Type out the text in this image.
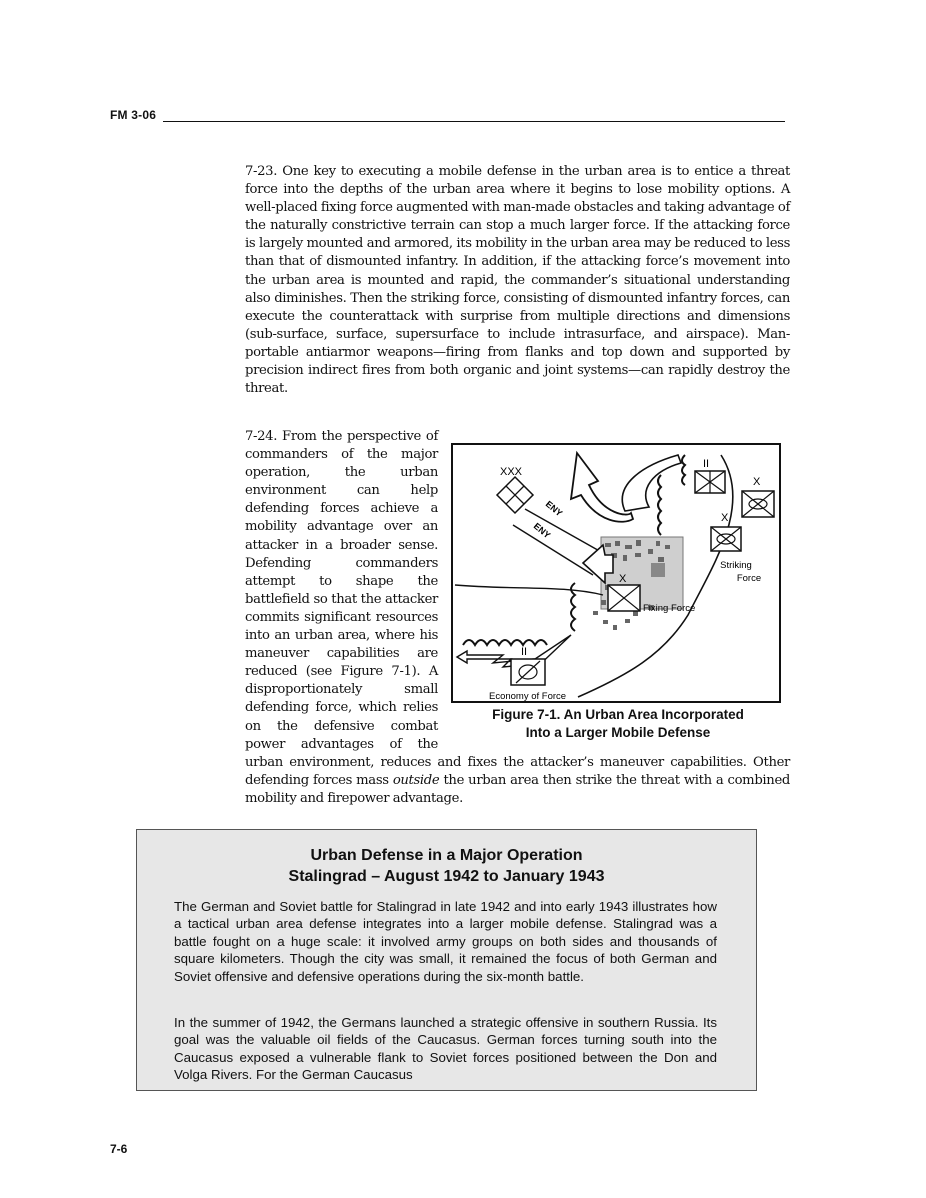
FM 3-06

7-23. One key to executing a mobile defense in the urban area is to entice a threat force into the depths of the urban area where it begins to lose mobility options. A well-placed fixing force augmented with man-made obstacles and taking advantage of the naturally constrictive terrain can stop a much larger force. If the attacking force is largely mounted and armored, its mobility in the urban area may be reduced to less than that of dismounted infantry. In addition, if the attacking force’s movement into the urban area is mounted and rapid, the commander’s situational understanding also diminishes. Then the striking force, consisting of dismounted infantry forces, can execute the counterattack with surprise from multiple directions and dimensions (sub-surface, surface, supersurface to include intrasurface, and airspace). Man-portable antiarmor weapons—firing from flanks and top down and supported by precision indirect fires from both organic and joint systems—can rapidly destroy the threat.

7-24. From the perspective of commanders of the major operation, the urban environment can help defending forces achieve a mobility advantage over an attacker in a broader sense. Defending commanders attempt to shape the battlefield so that the attacker commits significant resources into an urban area, where his maneuver capabilities are reduced (see Figure 7-1). A disproportionately small defending force, which relies on the defensive combat power advantages of the urban environment, reduces and fixes the attacker’s maneuver capabilities. Other defending forces mass outside the urban area then strike the threat with a combined mobility and firepower advantage.

XXX
ENY
ENY
II
X
X
Striking
Force
X
Fixing Force
II
Economy of Force
Figure 7-1. An Urban Area Incorporated
Into a Larger Mobile Defense
Urban Defense in a Major Operation
Stalingrad – August 1942 to January 1943

The German and Soviet battle for Stalingrad in late 1942 and into early 1943 illustrates how a tactical urban area defense integrates into a larger mobile defense. Stalingrad was a battle fought on a huge scale: it involved army groups on both sides and thousands of square kilometers. Though the city was small, it remained the focus of both German and Soviet offensive and defensive operations during the six-month battle.

In the summer of 1942, the Germans launched a strategic offensive in southern Russia. Its goal was the valuable oil fields of the Caucasus. German forces turning south into the Caucasus exposed a vulnerable flank to Soviet forces positioned between the Don and Volga Rivers. For the German Caucasus

7-6
